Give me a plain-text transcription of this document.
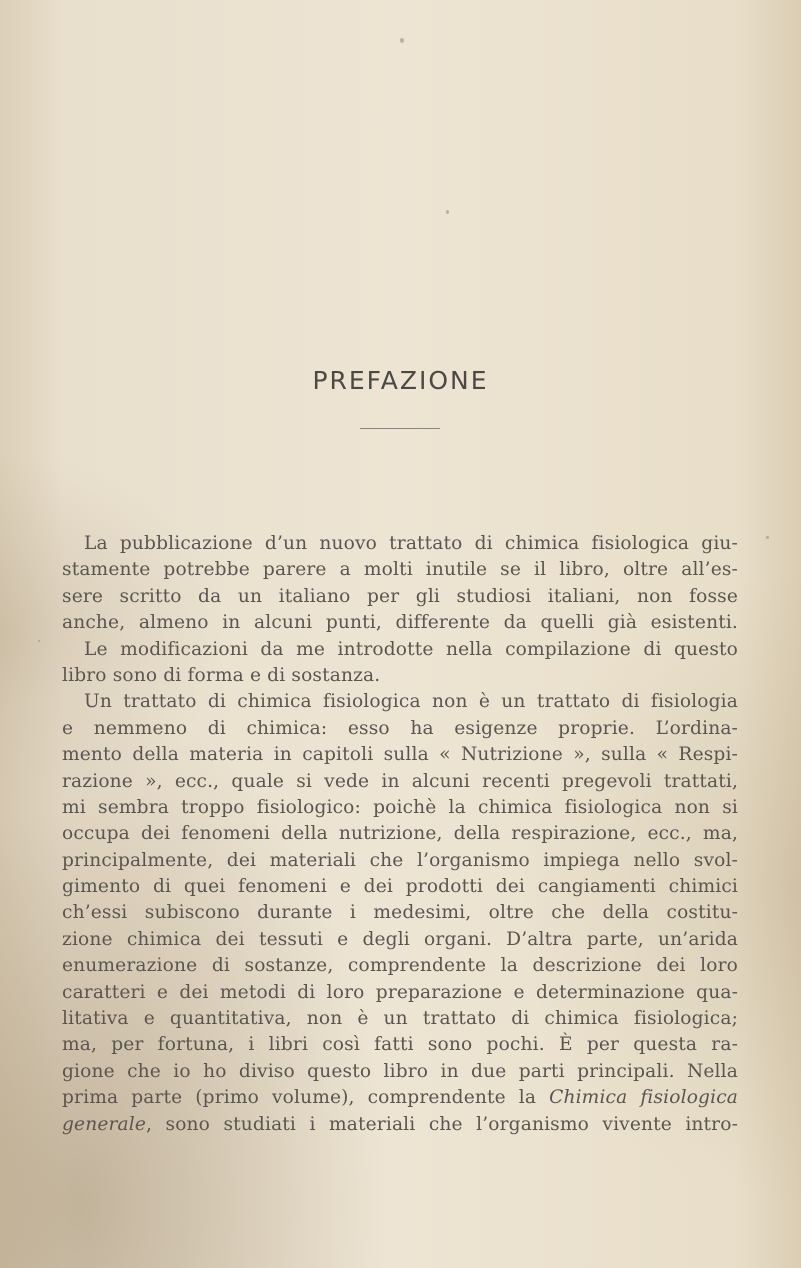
PREFAZIONE
La pubblicazione d’un nuovo trattato di chimica fisiologica giu-
stamente potrebbe parere a molti inutile se il libro, oltre all’es-
sere scritto da un italiano per gli studiosi italiani, non fosse
anche, almeno in alcuni punti, differente da quelli già esistenti.
Le modificazioni da me introdotte nella compilazione di questo
libro sono di forma e di sostanza.
Un trattato di chimica fisiologica non è un trattato di fisiologia
e nemmeno di chimica: esso ha esigenze proprie. L’ordina-
mento della materia in capitoli sulla « Nutrizione », sulla « Respi-
razione », ecc., quale si vede in alcuni recenti pregevoli trattati,
mi sembra troppo fisiologico: poichè la chimica fisiologica non si
occupa dei fenomeni della nutrizione, della respirazione, ecc., ma,
principalmente, dei materiali che l’organismo impiega nello svol-
gimento di quei fenomeni e dei prodotti dei cangiamenti chimici
ch’essi subiscono durante i medesimi, oltre che della costitu-
zione chimica dei tessuti e degli organi. D’altra parte, un’arida
enumerazione di sostanze, comprendente la descrizione dei loro
caratteri e dei metodi di loro preparazione e determinazione qua-
litativa e quantitativa, non è un trattato di chimica fisiologica;
ma, per fortuna, i libri così fatti sono pochi. È per questa ra-
gione che io ho diviso questo libro in due parti principali. Nella
prima parte (primo volume), comprendente la Chimica fisiologica
generale, sono studiati i materiali che l’organismo vivente intro-
